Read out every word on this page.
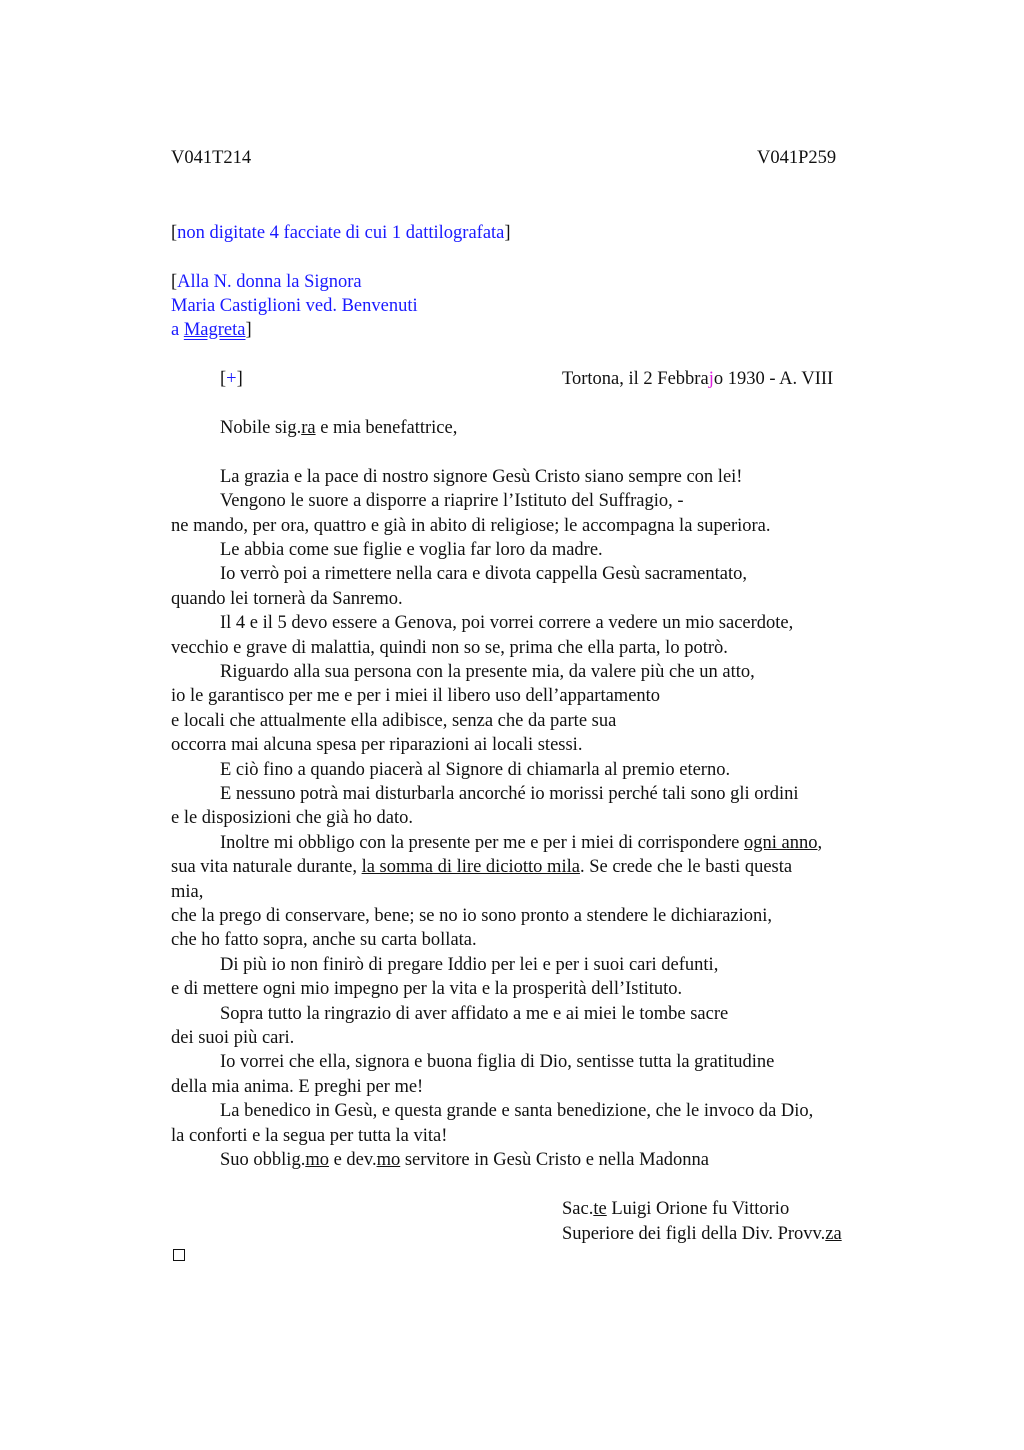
V041T214	V041P259
[non digitate 4 facciate di cui 1 dattilografata]
[Alla N. donna la Signora
Maria Castiglioni ved. Benvenuti
a Magreta]
[+]	Tortona, il 2 Febbrajo 1930 - A. VIII
Nobile sig.ra e mia benefattrice,
La grazia e la pace di nostro signore Gesù Cristo siano sempre con lei!
Vengono le suore a disporre a riaprire l’Istituto del Suffragio, -
ne mando, per ora, quattro e già in abito di religiose; le accompagna la superiora.
Le abbia come sue figlie e voglia far loro da madre.
Io verrò poi a rimettere nella cara e divota cappella Gesù sacramentato,
quando lei tornerà da Sanremo.
Il 4 e il 5 devo essere a Genova, poi vorrei correre a vedere un mio sacerdote,
vecchio e grave di malattia, quindi non so se, prima che ella parta, lo potrò.
Riguardo alla sua persona con la presente mia, da valere più che un atto,
io le garantisco per me e per i miei il libero uso dell’appartamento
e locali che attualmente ella adibisce, senza che da parte sua
occorra mai alcuna spesa per riparazioni ai locali stessi.
E ciò fino a quando piacerà al Signore di chiamarla al premio eterno.
E nessuno potrà mai disturbarla ancorché io morissi perché tali sono gli ordini
e le disposizioni che già ho dato.
Inoltre mi obbligo con la presente per me e per i miei di corrispondere ogni anno,
sua vita naturale durante, la somma di lire diciotto mila. Se crede che le basti questa
mia,
che la prego di conservare, bene; se no io sono pronto a stendere le dichiarazioni,
che ho fatto sopra, anche su carta bollata.
Di più io non finirò di pregare Iddio per lei e per i suoi cari defunti,
e di mettere ogni mio impegno per la vita e la prosperità dell’Istituto.
Sopra tutto la ringrazio di aver affidato a me e ai miei le tombe sacre
dei suoi più cari.
Io vorrei che ella, signora e buona figlia di Dio, sentisse tutta la gratitudine
della mia anima. E preghi per me!
La benedico in Gesù, e questa grande e santa benedizione, che le invoco da Dio,
la conforti e la segua per tutta la vita!
Suo obblig.mo e dev.mo servitore in Gesù Cristo e nella Madonna
Sac.te Luigi Orione fu Vittorio
Superiore dei figli della Div. Provv.za
